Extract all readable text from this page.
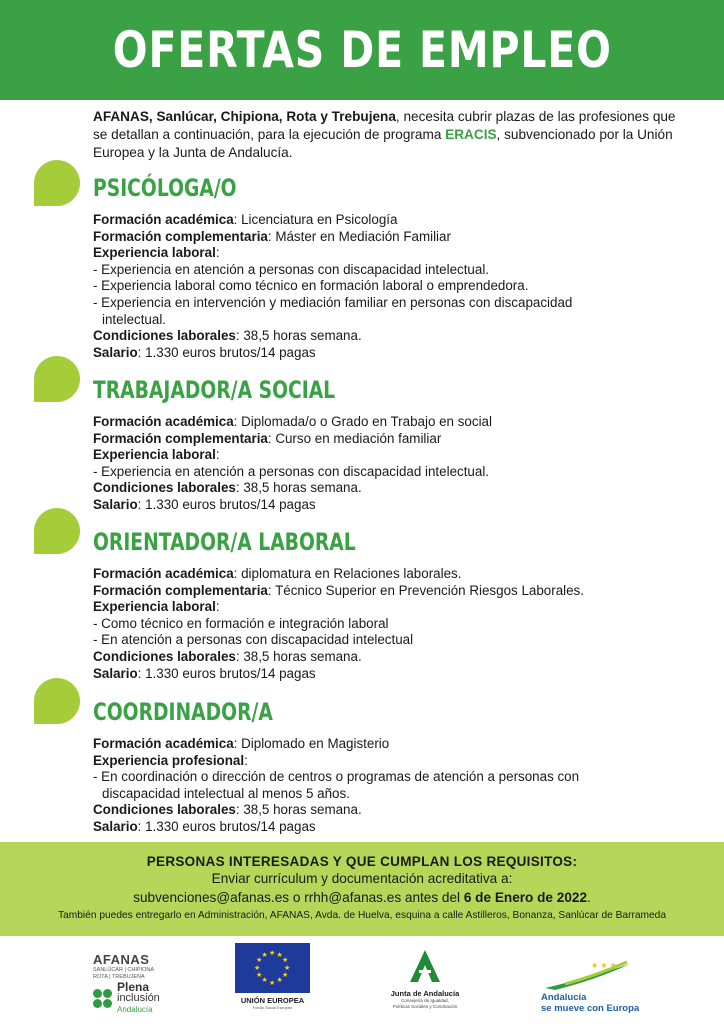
OFERTAS DE EMPLEO
AFANAS, Sanlúcar, Chipiona, Rota y Trebujena, necesita cubrir plazas de las profesiones que se detallan a continuación, para la ejecución de programa ERACIS, subvencionado por la Unión Europea y la Junta de Andalucía.
PSICÓLOGA/O
Formación académica: Licenciatura en Psicología
Formación complementaria: Máster en Mediación Familiar
Experiencia laboral:
- Experiencia en atención a personas con discapacidad intelectual.
- Experiencia laboral como técnico en formación laboral o emprendedora.
- Experiencia en intervención y mediación familiar en personas con discapacidad
intelectual.
Condiciones laborales: 38,5 horas semana.
Salario: 1.330 euros brutos/14 pagas
TRABAJADOR/A SOCIAL
Formación académica: Diplomada/o o Grado en Trabajo en social
Formación complementaria: Curso en mediación familiar
Experiencia laboral:
- Experiencia en atención a personas con discapacidad intelectual.
Condiciones laborales: 38,5 horas semana.
Salario: 1.330 euros brutos/14 pagas
ORIENTADOR/A LABORAL
Formación académica: diplomatura en Relaciones laborales.
Formación complementaria: Técnico Superior en Prevención Riesgos Laborales.
Experiencia laboral:
- Como técnico en formación e integración laboral
- En atención a personas con discapacidad intelectual
Condiciones laborales: 38,5 horas semana.
Salario: 1.330 euros brutos/14 pagas
COORDINADOR/A
Formación académica: Diplomado en Magisterio
Experiencia profesional:
- En coordinación o dirección de centros o programas de atención a personas con
discapacidad intelectual al menos 5 años.
Condiciones laborales: 38,5 horas semana.
Salario: 1.330 euros brutos/14 pagas
PERSONAS INTERESADAS Y QUE CUMPLAN LOS REQUISITOS:
Enviar currículum y documentación acreditativa a:
subvenciones@afanas.es o rrhh@afanas.es antes del 6 de Enero de 2022.
También puedes entregarlo en Administración, AFANAS, Avda. de Huelva, esquina a calle Astilleros, Bonanza, Sanlúcar de Barrameda
AFANAS
SANLÚCAR | CHIPIONA
ROTA | TREBUJENA
Plena
inclusión
Andalucía
★ ★
★
★
★
★
★
★
★
★
★
★
UNIÓN EUROPEA
Fondo Social Europeo
Junta de Andalucía
Consejería de Igualdad,
Políticas Sociales y Conciliación
★ ★ ★
Andalucía
se mueve con Europa
